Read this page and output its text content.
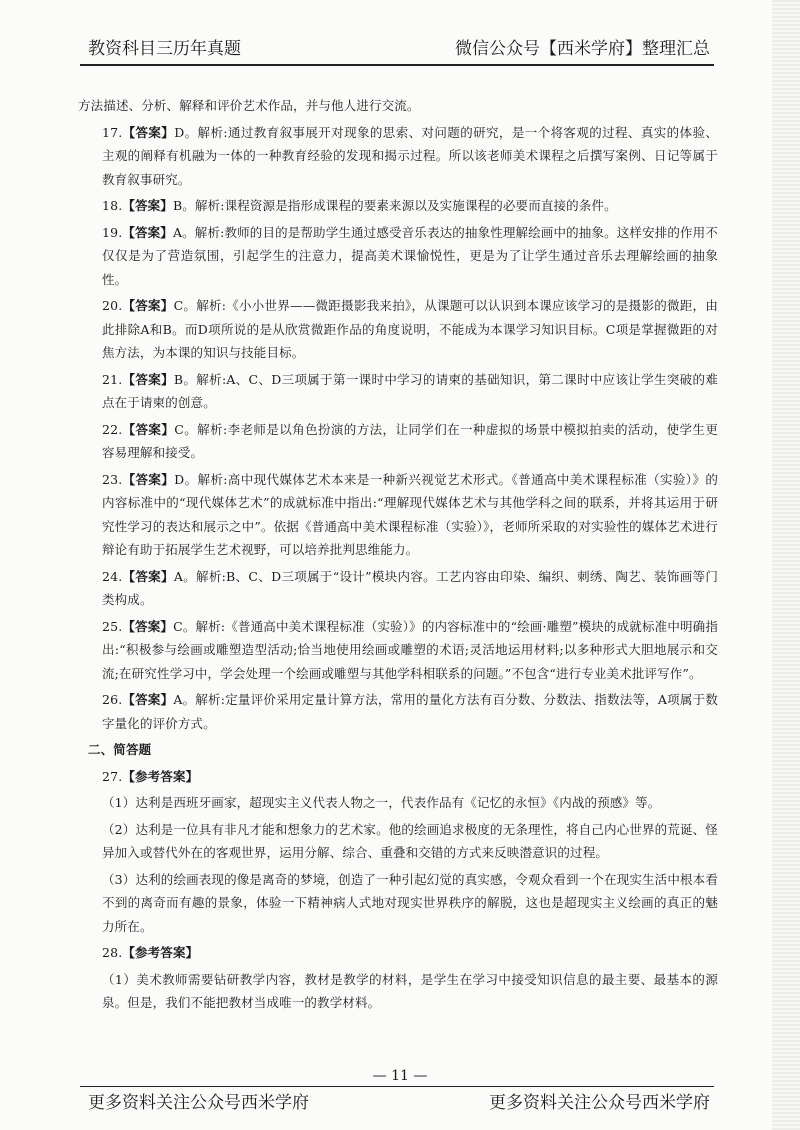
教资科目三历年真题	微信公众号【西米学府】整理汇总

方法描述、分析、解释和评价艺术作品，并与他人进行交流。

17.【答案】D。解析:通过教育叙事展开对现象的思索、对问题的研究，是一个将客观的过程、真实的体验、主观的阐释有机融为一体的一种教育经验的发现和揭示过程。所以该老师美术课程之后撰写案例、日记等属于教育叙事研究。

18.【答案】B。解析:课程资源是指形成课程的要素来源以及实施课程的必要而直接的条件。

19.【答案】A。解析:教师的目的是帮助学生通过感受音乐表达的抽象性理解绘画中的抽象。这样安排的作用不仅仅是为了营造氛围，引起学生的注意力，提高美术课愉悦性，更是为了让学生通过音乐去理解绘画的抽象性。

20.【答案】C。解析:《小小世界——微距摄影我来拍》，从课题可以认识到本课应该学习的是摄影的微距，由此排除A和B。而D项所说的是从欣赏微距作品的角度说明，不能成为本课学习知识目标。C项是掌握微距的对焦方法，为本课的知识与技能目标。

21.【答案】B。解析:A、C、D三项属于第一课时中学习的请柬的基础知识，第二课时中应该让学生突破的难点在于请柬的创意。

22.【答案】C。解析:李老师是以角色扮演的方法，让同学们在一种虚拟的场景中模拟拍卖的活动，使学生更容易理解和接受。

23.【答案】D。解析:高中现代媒体艺术本来是一种新兴视觉艺术形式。《普通高中美术课程标准（实验）》的内容标准中的“现代媒体艺术”的成就标准中指出:“理解现代媒体艺术与其他学科之间的联系，并将其运用于研究性学习的表达和展示之中”。依据《普通高中美术课程标准（实验）》，老师所采取的对实验性的媒体艺术进行辩论有助于拓展学生艺术视野，可以培养批判思维能力。

24.【答案】A。解析:B、C、D三项属于“设计”模块内容。工艺内容由印染、编织、刺绣、陶艺、装饰画等门类构成。

25.【答案】C。解析:《普通高中美术课程标准（实验）》的内容标准中的“绘画·雕塑”模块的成就标准中明确指出:“积极参与绘画或雕塑造型活动;恰当地使用绘画或雕塑的术语;灵活地运用材料;以多种形式大胆地展示和交流;在研究性学习中，学会处理一个绘画或雕塑与其他学科相联系的问题。”不包含“进行专业美术批评写作”。

26.【答案】A。解析:定量评价采用定量计算方法，常用的量化方法有百分数、分数法、指数法等，A项属于数字量化的评价方式。

二、简答题

27.【参考答案】

（1）达利是西班牙画家，超现实主义代表人物之一，代表作品有《记忆的永恒》《内战的预感》等。

（2）达利是一位具有非凡才能和想象力的艺术家。他的绘画追求极度的无条理性，将自己内心世界的荒诞、怪异加入或替代外在的客观世界，运用分解、综合、重叠和交错的方式来反映潜意识的过程。

（3）达利的绘画表现的像是离奇的梦境，创造了一种引起幻觉的真实感，令观众看到一个在现实生活中根本看不到的离奇而有趣的景象，体验一下精神病人式地对现实世界秩序的解脱，这也是超现实主义绘画的真正的魅力所在。

28.【参考答案】

（1）美术教师需要钻研教学内容，教材是教学的材料，是学生在学习中接受知识信息的最主要、最基本的源泉。但是，我们不能把教材当成唯一的教学材料。

— 11 —
更多资料关注公众号西米学府	更多资料关注公众号西米学府
